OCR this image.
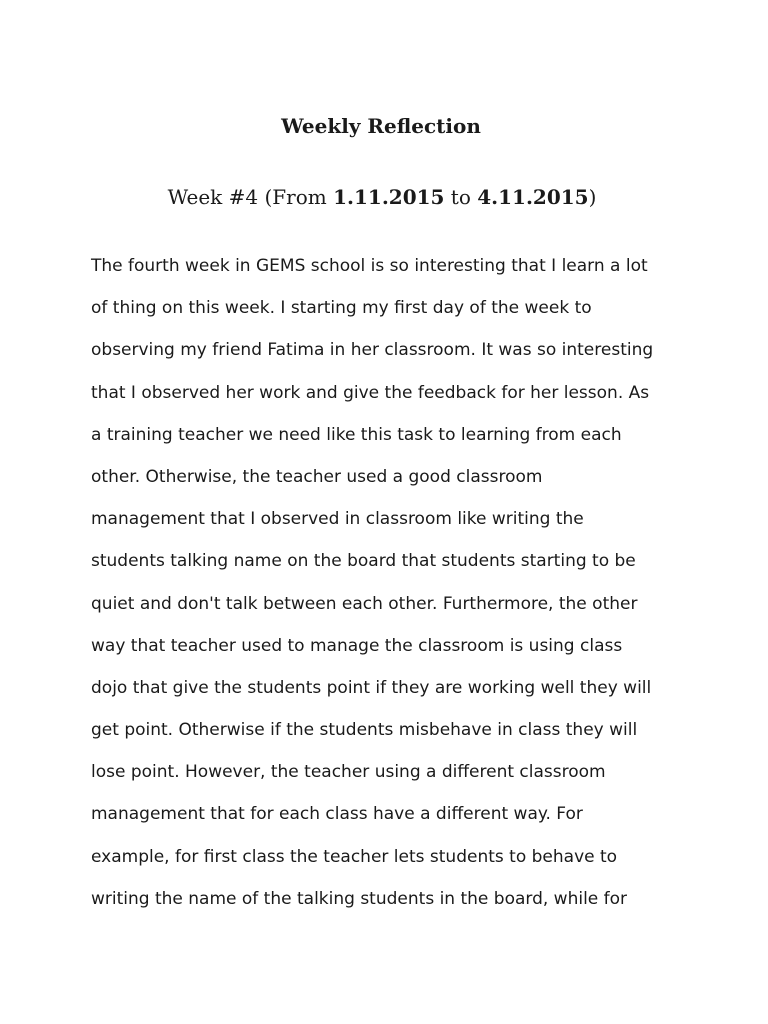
Weekly Reflection

Week #4 (From 1.11.2015 to 4.11.2015)

The fourth week in GEMS school is so interesting that I learn a lot
of thing on this week. I starting my first day of the week to
observing my friend Fatima in her classroom. It was so interesting
that I observed her work and give the feedback for her lesson. As
a training teacher we need like this task to learning from each
other. Otherwise, the teacher used a good classroom
management that I observed in classroom like writing the
students talking name on the board that students starting to be
quiet and don't talk between each other. Furthermore, the other
way that teacher used to manage the classroom is using class
dojo that give the students point if they are working well they will
get point. Otherwise if the students misbehave in class they will
lose point. However, the teacher using a different classroom
management that for each class have a different way. For
example, for first class the teacher lets students to behave to
writing the name of the talking students in the board, while for
